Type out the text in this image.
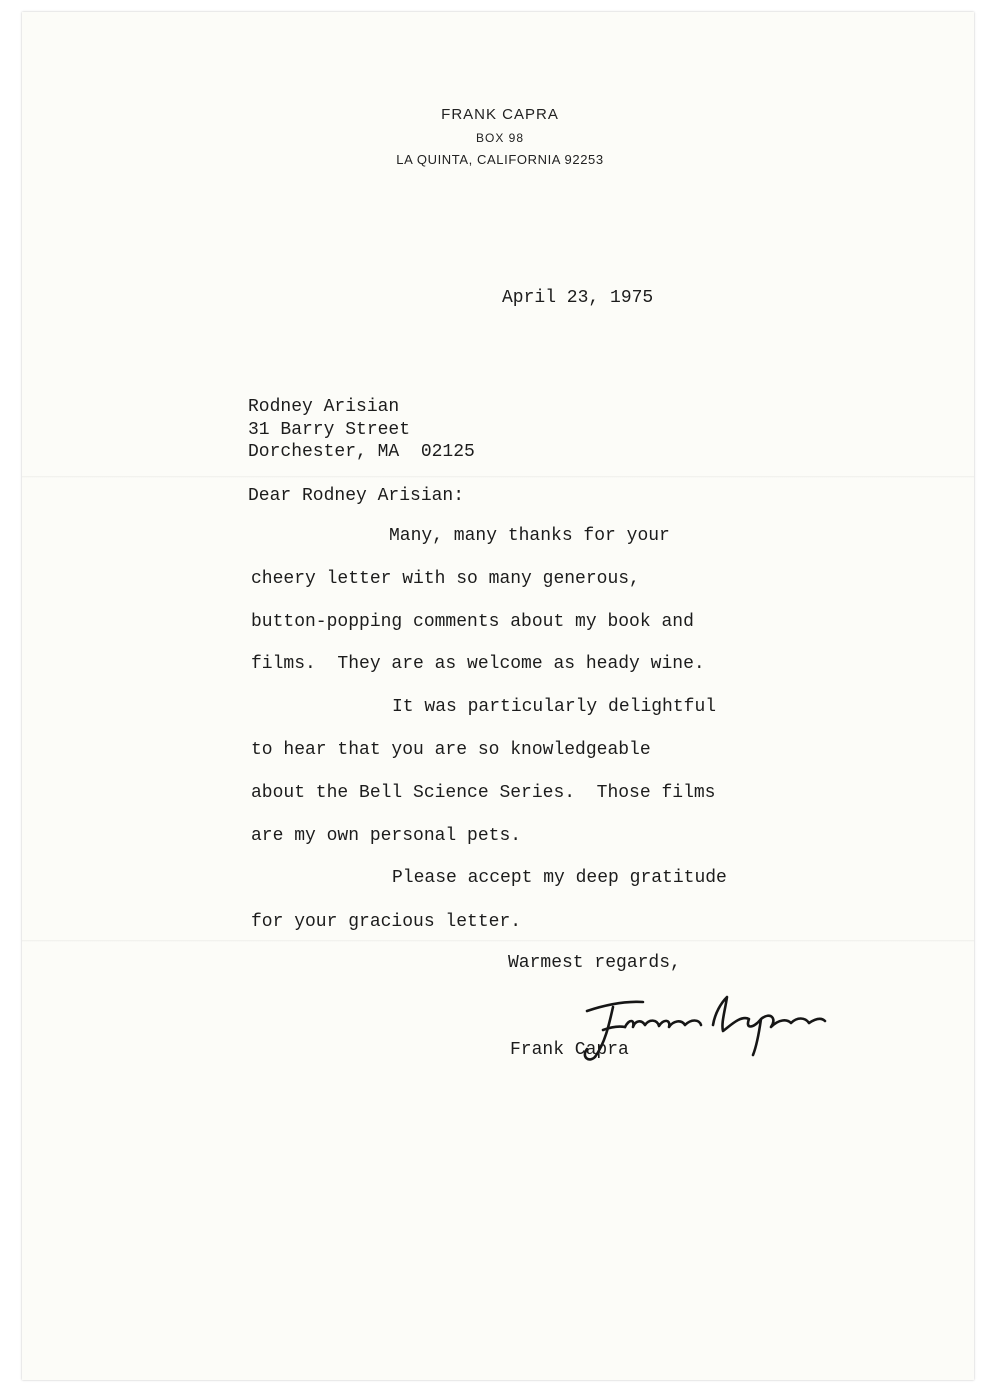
FRANK CAPRA
BOX 98
LA QUINTA, CALIFORNIA 92253
April 23, 1975
Rodney Arisian
31 Barry Street
Dorchester, MA  02125
Dear Rodney Arisian:
Many, many thanks for your
cheery letter with so many generous,
button-popping comments about my book and
films.  They are as welcome as heady wine.
It was particularly delightful
to hear that you are so knowledgeable
about the Bell Science Series.  Those films
are my own personal pets.
Please accept my deep gratitude
for your gracious letter.
Warmest regards,
Frank Capra
